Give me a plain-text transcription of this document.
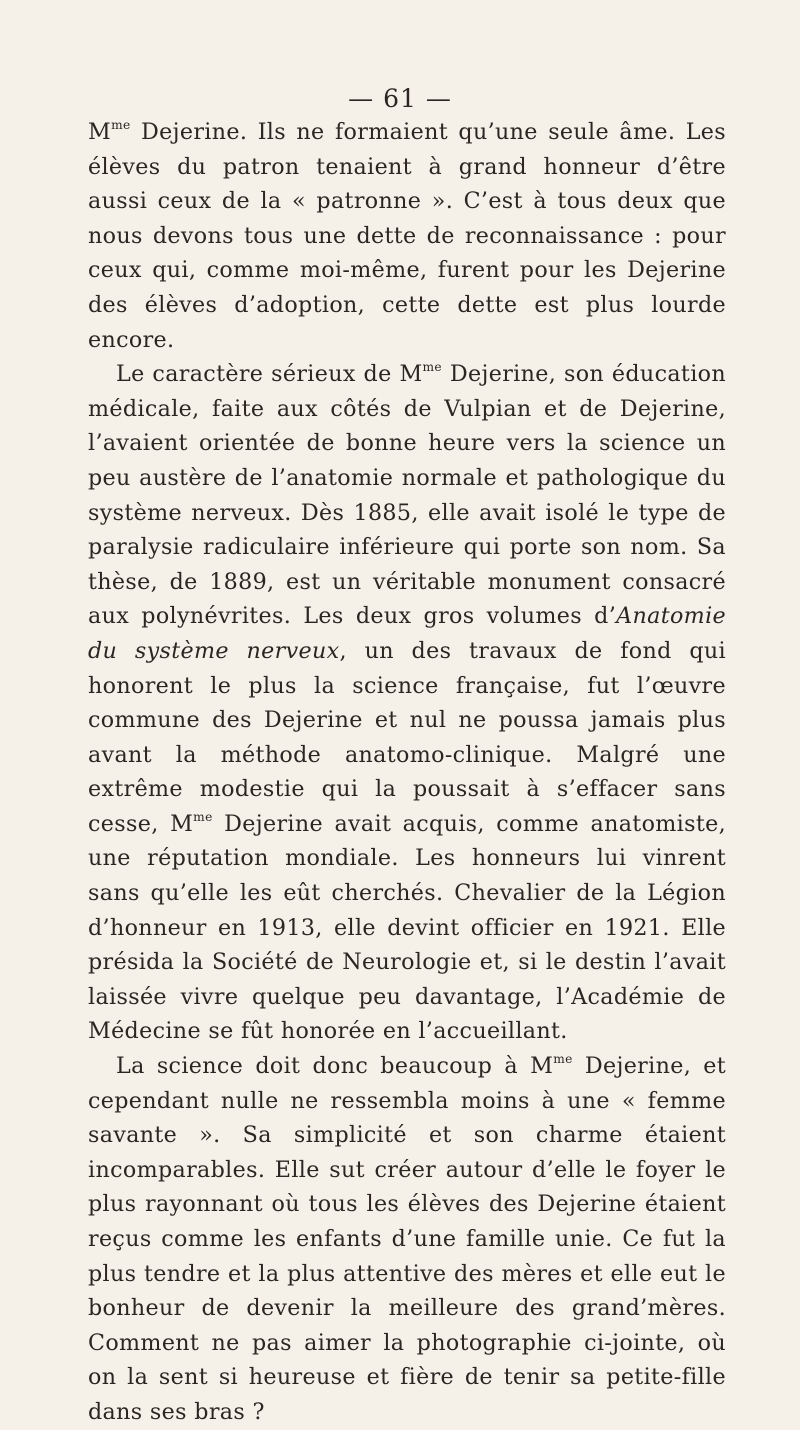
— 61 —

$M^{me}$ Dejerine. Ils ne formaient qu’une seule âme. Les élèves du patron tenaient à grand honneur d’être aussi ceux de la « patronne ». C’est à tous deux que nous devons tous une dette de reconnaissance : pour ceux qui, comme moi-même, furent pour les Dejerine des élèves d’adoption, cette dette est plus lourde encore.

Le caractère sérieux de $M^{me}$ Dejerine, son éducation médicale, faite aux côtés de Vulpian et de Dejerine, l’avaient orientée de bonne heure vers la science un peu austère de l’anatomie normale et pathologique du système nerveux. Dès 1885, elle avait isolé le type de paralysie radiculaire inférieure qui porte son nom. Sa thèse, de 1889, est un véritable monument consacré aux polynévrites. Les deux gros volumes d’Anatomie du système nerveux, un des travaux de fond qui honorent le plus la science française, fut l’œuvre commune des Dejerine et nul ne poussa jamais plus avant la méthode anatomo-clinique. Malgré une extrême modestie qui la poussait à s’effacer sans cesse, $M^{me}$ Dejerine avait acquis, comme anatomiste, une réputation mondiale. Les honneurs lui vinrent sans qu’elle les eût cherchés. Chevalier de la Légion d’honneur en 1913, elle devint officier en 1921. Elle présida la Société de Neurologie et, si le destin l’avait laissée vivre quelque peu davantage, l’Académie de Médecine se fût honorée en l’accueillant.

La science doit donc beaucoup à $M^{me}$ Dejerine, et cependant nulle ne ressembla moins à une « femme savante ». Sa simplicité et son charme étaient incomparables. Elle sut créer autour d’elle le foyer le plus rayonnant où tous les élèves des Dejerine étaient reçus comme les enfants d’une famille unie. Ce fut la plus tendre et la plus attentive des mères et elle eut le bonheur de devenir la meilleure des grand’mères. Comment ne pas aimer la photographie ci-jointe, où on la sent si heureuse et fière de tenir sa petite-fille dans ses bras ?
